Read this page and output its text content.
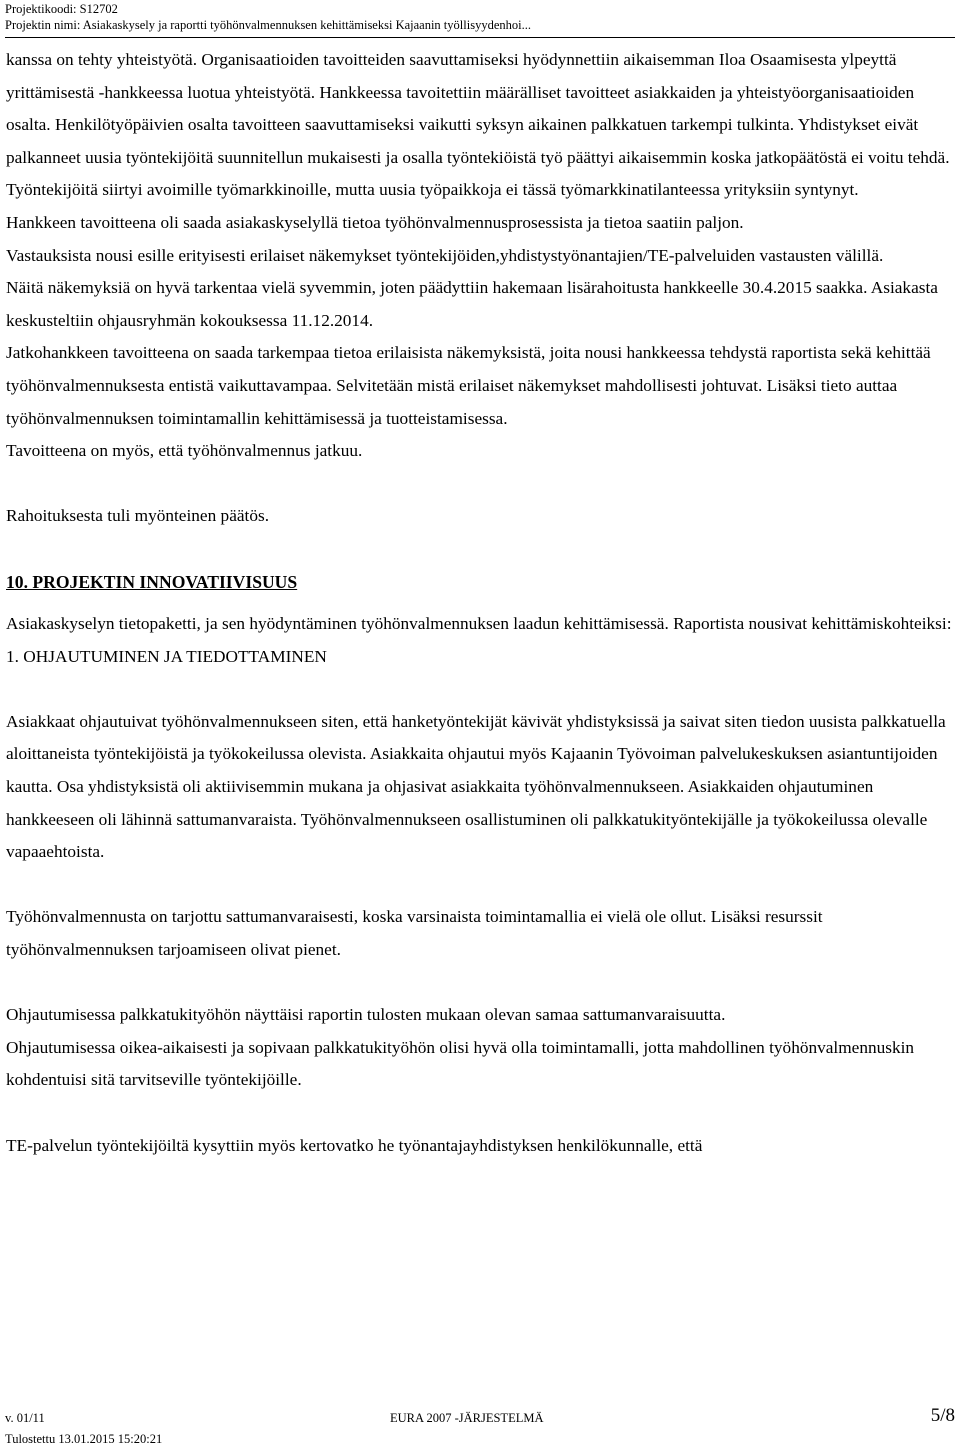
Projektikoodi: S12702
Projektin nimi: Asiakaskysely ja raportti työhönvalmennuksen kehittämiseksi Kajaanin työllisyydenhoi...

kanssa on tehty yhteistyötä. Organisaatioiden tavoitteiden saavuttamiseksi hyödynnettiin aikaisemman Iloa Osaamisesta ylpeyttä yrittämisestä -hankkeessa luotua yhteistyötä. Hankkeessa tavoitettiin määrälliset tavoitteet asiakkaiden ja yhteistyöorganisaatioiden osalta. Henkilötyöpäivien osalta tavoitteen saavuttamiseksi vaikutti syksyn aikainen palkkatuen tarkempi tulkinta. Yhdistykset eivät palkanneet uusia työntekijöitä suunnitellun mukaisesti ja osalla työntekiöistä työ päättyi aikaisemmin koska jatkopäätöstä ei voitu tehdä.

Työntekijöitä siirtyi avoimille työmarkkinoille, mutta uusia työpaikkoja ei tässä työmarkkinatilanteessa yrityksiin syntynyt.

Hankkeen tavoitteena oli saada asiakaskyselyllä tietoa työhönvalmennusprosessista ja tietoa saatiin paljon.

Vastauksista nousi esille erityisesti erilaiset näkemykset työntekijöiden,yhdistystyönantajien/TE-palveluiden vastausten välillä.

Näitä näkemyksiä on hyvä tarkentaa vielä syvemmin, joten päädyttiin hakemaan lisärahoitusta hankkeelle 30.4.2015 saakka. Asiakasta keskusteltiin ohjausryhmän kokouksessa 11.12.2014.

Jatkohankkeen tavoitteena on saada tarkempaa tietoa erilaisista näkemyksistä, joita nousi hankkeessa tehdystä raportista sekä kehittää työhönvalmennuksesta entistä vaikuttavampaa. Selvitetään mistä erilaiset näkemykset mahdollisesti johtuvat. Lisäksi tieto auttaa työhönvalmennuksen toimintamallin kehittämisessä ja tuotteistamisessa.

Tavoitteena on myös, että työhönvalmennus jatkuu.

Rahoituksesta tuli myönteinen päätös.

10. PROJEKTIN INNOVATIIVISUUS

Asiakaskyselyn tietopaketti, ja sen hyödyntäminen työhönvalmennuksen laadun kehittämisessä. Raportista nousivat kehittämiskohteiksi:

1. OHJAUTUMINEN JA TIEDOTTAMINEN

Asiakkaat ohjautuivat työhönvalmennukseen siten, että hanketyöntekijät kävivät yhdistyksissä ja saivat siten tiedon uusista palkkatuella aloittaneista työntekijöistä ja työkokeilussa olevista. Asiakkaita ohjautui myös Kajaanin Työvoiman palvelukeskuksen asiantuntijoiden kautta. Osa yhdistyksistä oli aktiivisemmin mukana ja ohjasivat asiakkaita työhönvalmennukseen. Asiakkaiden ohjautuminen hankkeeseen oli lähinnä sattumanvaraista. Työhönvalmennukseen osallistuminen oli palkkatukityöntekijälle ja työkokeilussa olevalle vapaaehtoista.

Työhönvalmennusta on tarjottu sattumanvaraisesti, koska varsinaista toimintamallia ei vielä ole ollut. Lisäksi resurssit työhönvalmennuksen tarjoamiseen olivat pienet.

Ohjautumisessa palkkatukityöhön näyttäisi raportin tulosten mukaan olevan samaa sattumanvaraisuutta.

Ohjautumisessa oikea-aikaisesti ja sopivaan palkkatukityöhön olisi hyvä olla toimintamalli, jotta mahdollinen työhönvalmennuskin kohdentuisi sitä tarvitseville työntekijöille.

TE-palvelun työntekijöiltä kysyttiin myös kertovatko he työnantajayhdistyksen henkilökunnalle, että

v. 01/11
Tulostettu 13.01.2015 15:20:21
EURA 2007 -JÄRJESTELMÄ	5/8
